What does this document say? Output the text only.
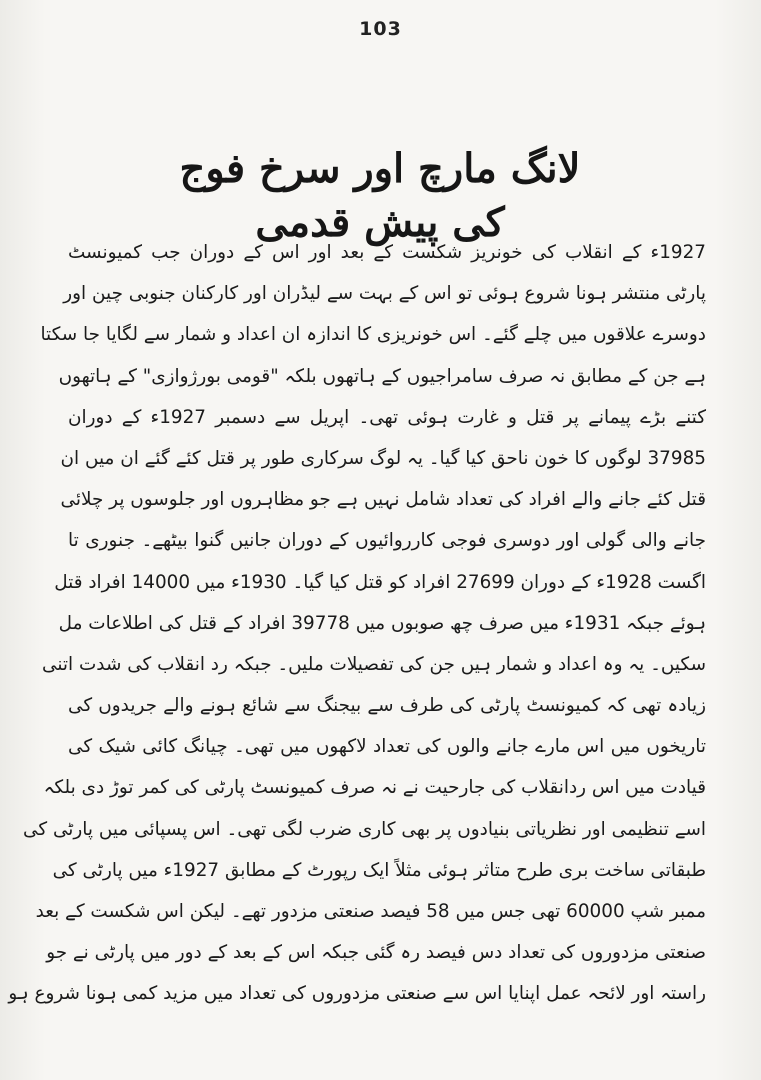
103
لانگ مارچ اور سرخ فوج کی پیش قدمی
1927ء کے انقلاب کی خونریز شکست کے بعد اور اس کے دوران جب کمیونسٹ
پارٹی منتشر ہونا شروع ہوئی تو اس کے بہت سے لیڈران اور کارکنان جنوبی چین اور
دوسرے علاقوں میں چلے گئے۔ اس خونریزی کا اندازہ ان اعداد و شمار سے لگایا جا سکتا
ہے جن کے مطابق نہ صرف سامراجیوں کے ہاتھوں بلکہ "قومی بورژوازی" کے ہاتھوں
کتنے بڑے پیمانے پر قتل و غارت ہوئی تھی۔ اپریل سے دسمبر 1927ء کے دوران
37985 لوگوں کا خون ناحق کیا گیا۔ یہ لوگ سرکاری طور پر قتل کئے گئے ان میں ان
قتل کئے جانے والے افراد کی تعداد شامل نہیں ہے جو مظاہروں اور جلوسوں پر چلائی
جانے والی گولی اور دوسری فوجی کارروائیوں کے دوران جانیں گنوا بیٹھے۔ جنوری تا
اگست 1928ء کے دوران 27699 افراد کو قتل کیا گیا۔ 1930ء میں 14000 افراد قتل
ہوئے جبکہ 1931ء میں صرف چھ صوبوں میں 39778 افراد کے قتل کی اطلاعات مل
سکیں۔ یہ وہ اعداد و شمار ہیں جن کی تفصیلات ملیں۔ جبکہ رد انقلاب کی شدت اتنی
زیادہ تھی کہ کمیونسٹ پارٹی کی طرف سے بیجنگ سے شائع ہونے والے جریدوں کی
تاریخوں میں اس مارے جانے والوں کی تعداد لاکھوں میں تھی۔ چیانگ کائی شیک کی
قیادت میں اس ردانقلاب کی جارحیت نے نہ صرف کمیونسٹ پارٹی کی کمر توڑ دی بلکہ
اسے تنظیمی اور نظریاتی بنیادوں پر بھی کاری ضرب لگی تھی۔ اس پسپائی میں پارٹی کی
طبقاتی ساخت بری طرح متاثر ہوئی مثلاً ایک رپورٹ کے مطابق 1927ء میں پارٹی کی
ممبر شپ 60000 تھی جس میں 58 فیصد صنعتی مزدور تھے۔ لیکن اس شکست کے بعد
صنعتی مزدوروں کی تعداد دس فیصد رہ گئی جبکہ اس کے بعد کے دور میں پارٹی نے جو
راستہ اور لائحہ عمل اپنایا اس سے صنعتی مزدوروں کی تعداد میں مزید کمی ہونا شروع ہو
